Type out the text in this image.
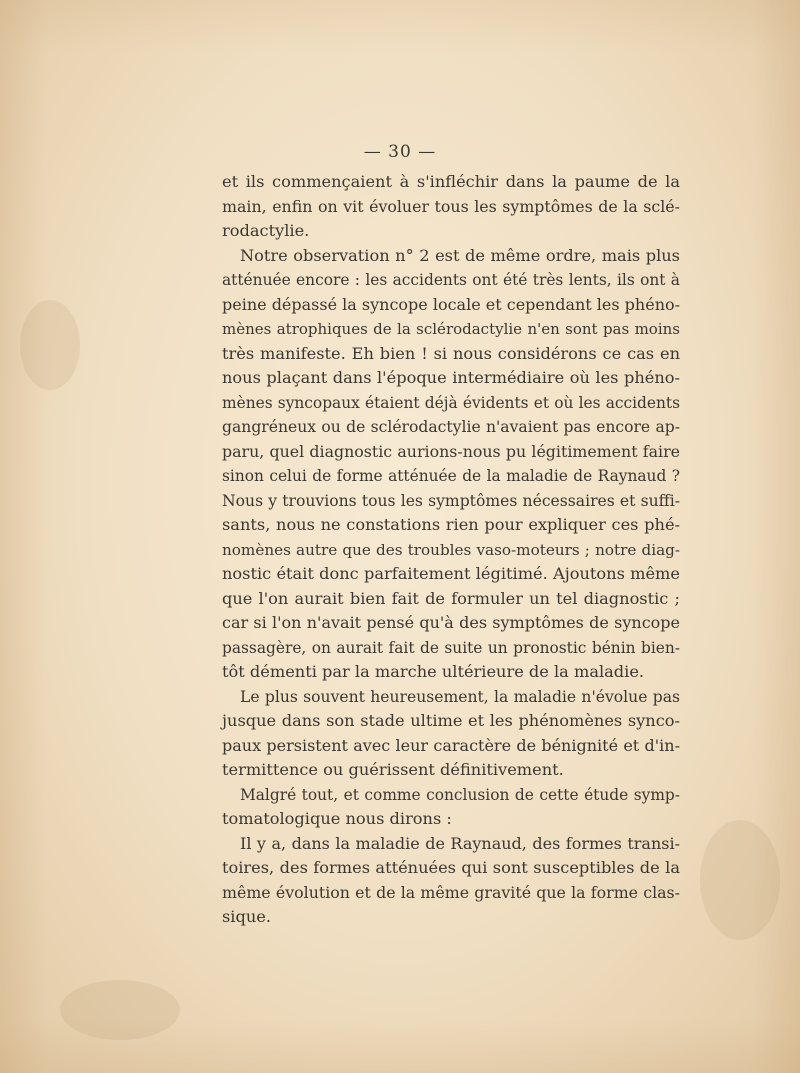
— 30 —
et ils commençaient à s'infléchir dans la paume de la
main, enfin on vit évoluer tous les symptômes de la sclé-
rodactylie.
Notre observation n° 2 est de même ordre, mais plus
atténuée encore : les accidents ont été très lents, ils ont à
peine dépassé la syncope locale et cependant les phéno-
mènes atrophiques de la sclérodactylie n'en sont pas moins
très manifeste. Eh bien ! si nous considérons ce cas en
nous plaçant dans l'époque intermédiaire où les phéno-
mènes syncopaux étaient déjà évidents et où les accidents
gangréneux ou de sclérodactylie n'avaient pas encore ap-
paru, quel diagnostic aurions-nous pu légitimement faire
sinon celui de forme atténuée de la maladie de Raynaud ?
Nous y trouvions tous les symptômes nécessaires et suffi-
sants, nous ne constations rien pour expliquer ces phé-
nomènes autre que des troubles vaso-moteurs ; notre diag-
nostic était donc parfaitement légitimé. Ajoutons même
que l'on aurait bien fait de formuler un tel diagnostic ;
car si l'on n'avait pensé qu'à des symptômes de syncope
passagère, on aurait fait de suite un pronostic bénin bien-
tôt démenti par la marche ultérieure de la maladie.
Le plus souvent heureusement, la maladie n'évolue pas
jusque dans son stade ultime et les phénomènes synco-
paux persistent avec leur caractère de bénignité et d'in-
termittence ou guérissent définitivement.
Malgré tout, et comme conclusion de cette étude symp-
tomatologique nous dirons :
Il y a, dans la maladie de Raynaud, des formes transi-
toires, des formes atténuées qui sont susceptibles de la
même évolution et de la même gravité que la forme clas-
sique.
